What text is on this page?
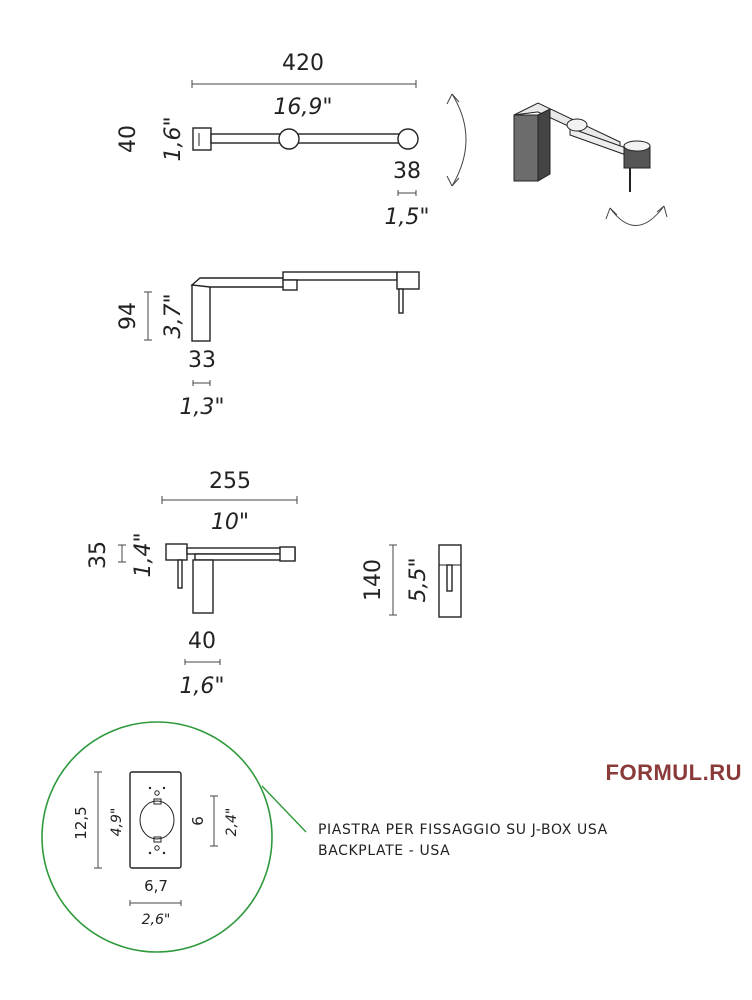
420
16,9"
40 1,6"
38
1,5"
94 3,7"
33
1,3"
255
10"
35 1,4"
40
1,6"
140 5,5"
12,5 4,9"	6 2,4"
6,7
2,6"
FORMUL.RU
PIASTRA PER FISSAGGIO SU J-BOX USA
BACKPLATE - USA
